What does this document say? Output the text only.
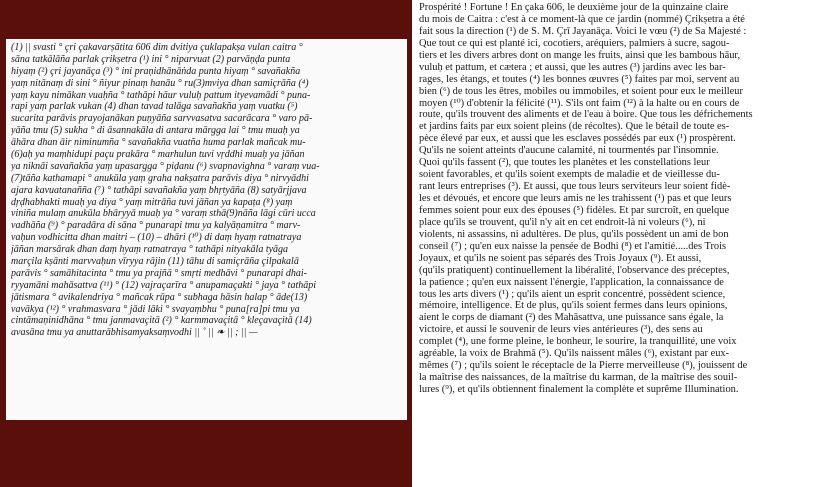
(1) || svasti ° çri çakavarṣātita 606 dim dvitiya çuklapakṣa vulan caitra °
sāna tatkālāña parlak çrikṣetra (¹) ini ° niparvuat (2) parvāṇḍa punta
hiyaṃ (²) çri jayanāça (³) ° ini praṇidhānāṅda punta hiyaṃ ° savañakña
yaṃ nitānaṃ di sini ° ñiyur pinaṃ hanāu ° ru(3)mviya dhan samiçrāña (⁴)
yaṃ kayu nimākan vuaḥña ° tathāpi hāur vuluḥ pattum ityevamādi ° puna-
rapi yaṃ parlak vukan (4) dhan tavad talāga savañakña yaṃ vuatku (⁵)
sucarita parāvis prayojanākan puṇyāña sarvvasatva sacarācara ° varo pā-
yāña tmu (5) sukha ° di āsannakāla di antara mārgga lai ° tmu muaḥ ya
āhāra dhan āir niminumña ° savañakña vuatña huma parlak mañcak mu-
(6)aḥ ya maṃhidupi paçu prakāra ° marhulun tuvi vṛddhi muaḥ ya jāñan
ya niknāi savañakña yaṃ upasargga ° piḍanu (⁶) svapnavighna ° varaṃ vua-
(7)tāña kathamapi ° anukūla yaṃ graha nakṣatra parāvis diya ° nirvyādhi
ajara kavuatanañña (⁷) ° tathāpi savañakña yaṃ bhṛtyāña (8) satyārjjava
dṛḍhabhakti muaḥ ya diya ° yaṃ mitrāña tuvi jāñan ya kapaṭa (⁸) yaṃ
viniña mulaṃ anukūla bhāryyā muaḥ ya ° varaṃ sthā(9)nāña lāgi cūri ucca
vadhāña (⁹) ° paradāra di sāna ° punarapi tmu ya kalyāṇamitra ° marv-
vaḥun vodhicitta dhan maitri – (10) – dhāri (¹⁰) di daṃ hyaṃ ratnatraya
jāñan marsārak dhan daṃ hyaṃ ratnatraya ° tathāpi nityakāla tyāga
marçila kṣānti marvvaḥun vīryya rājin (11) tāhu di samiçrāña çilpakalā
parāvis ° samāhitacinta ° tmu ya prajñā ° smṛti medhāvi ° punarapi dhai-
ryyamāni mahāsattva (¹¹) ° (12) vajraçarīra ° anupamaçakti ° jaya ° tathāpi
jātismara ° avikalendriya ° mañcak rūpa ° subhaga hāsin halap ° āde(13)
vavākya (¹²) ° vrahmasvara ° jādi lāki ° svayaṃbhu ° puna[ra]pi tmu ya
cintāmaṇinidhāna ° tmu janmavaçitā (²) ° karmmavaçitā ° kleçavaçitā (14)
avasāna tmu ya anuttarābhisamyaksaṃvodhi || ˚ || ❧ || ; || —
Prospérité ! Fortune ! En çaka 606, le deuxième jour de la quinzaine claire
du mois de Caitra : c'est à ce moment-là que ce jardin (nommé) Çrikṣetra a été
fait sous la direction (¹) de S. M. Çrī Jayanāça. Voici le vœu (²) de Sa Majesté :
Que tout ce qui est planté ici, cocotiers, aréquiers, palmiers à sucre, sagou-
tiers et les divers arbres dont on mange les fruits, ainsi que les bambous hāur,
vuluḥ et pattum, et cætera ; et aussi, que les autres (³) jardins avec les bar-
rages, les étangs, et toutes (⁴) les bonnes œuvres (⁵) faites par moi, servent au
bien (⁶) de tous les êtres, mobiles ou immobiles, et soient pour eux le meilleur
moyen (¹⁰) d'obtenir la félicité (¹¹). S'ils ont faim (¹²) à la halte ou en cours de
route, qu'ils trouvent des aliments et de l'eau à boire. Que tous les défrichements
et jardins faits par eux soient pleins (de récoltes). Que le bétail de toute es-
pèce élevé par eux, et aussi que les esclaves possédés par eux (¹) prospèrent.
Qu'ils ne soient atteints d'aucune calamité, ni tourmentés par l'insomnie.
Quoi qu'ils fassent (²), que toutes les planètes et les constellations leur
soient favorables, et qu'ils soient exempts de maladie et de vieillesse du-
rant leurs entreprises (³). Et aussi, que tous leurs serviteurs leur soient fidè-
les et dévoués, et encore que leurs amis ne les trahissent (¹) pas et que leurs
femmes soient pour eux des épouses (⁵) fidèles. Et par surcroît, en quelque
place qu'ils se trouvent, qu'il n'y ait en cet endroit-là ni voleurs (⁶), ni
violents, ni assassins, ni adultères. De plus, qu'ils possèdent un ami de bon
conseil (⁷) ; qu'en eux naisse la pensée de Bodhi (⁸) et l'amitié.....des Trois
Joyaux, et qu'ils ne soient pas séparés des Trois Joyaux (⁹). Et aussi,
(qu'ils pratiquent) continuellement la libéralité, l'observance des préceptes,
la patience ; qu'en eux naissent l'énergie, l'application, la connaissance de
tous les arts divers (¹) ; qu'ils aient un esprit concentré, possèdent science,
mémoire, intelligence. Et de plus, qu'ils soient fermes dans leurs opinions,
aient le corps de diamant (²) des Mahāsattva, une puissance sans égale, la
victoire, et aussi le souvenir de leurs vies antérieures (³), des sens au
complet (⁴), une forme pleine, le bonheur, le sourire, la tranquillité, une voix
agréable, la voix de Brahmā (⁵). Qu'ils naissent mâles (⁶), existant par eux-
mêmes (⁷) ; qu'ils soient le réceptacle de la Pierre merveilleuse (⁸), jouissent de
la maîtrise des naissances, de la maîtrise du karman, de la maîtrise des souil-
lures (⁹), et qu'ils obtiennent finalement la complète et suprême Illumination.
